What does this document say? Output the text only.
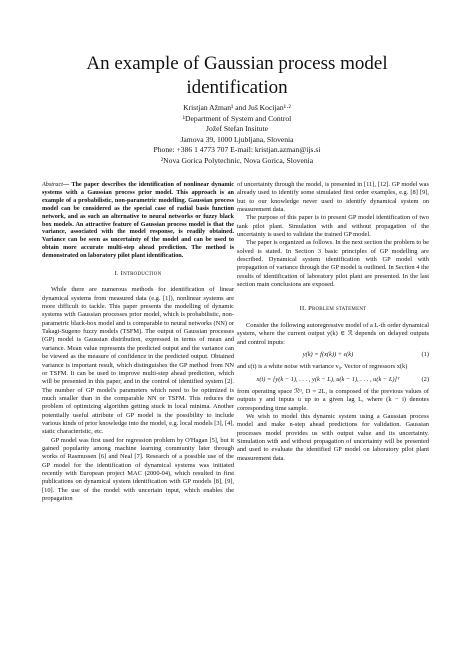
An example of Gaussian process model identification
Kristjan Ažman¹ and Juš Kocijan¹·²
¹Department of System and Control
Jožef Stefan Insitute
Jamova 39, 1000 Ljubljana, Slovenia
Phone: +386 1 4773 707 E-mail: kristjan.azman@ijs.si
²Nova Gorica Polytechnic, Nova Gorica, Slovenia
Abstract— The paper describes the identification of nonlinear dynamic systems with a Gaussian process prior model. This approach is an example of a probabilistic, non-parametric modelling. Gaussian process model can be considered as the special case of radial basis function network, and as such an alternative to neural networks or fuzzy black box models. An attractive feature of Gaussian process model is that the variance, associated with the model response, is readily obtained. Variance can be seen as uncertainty of the model and can be used to obtain more accurate multi-step ahead prediction. The method is demonstrated on laboratory pilot plant identification.
I. Introduction

While there are numerous methods for identification of linear dynamical systems from measured data (e.g. [1]), nonlinear systems are more difficult to tackle. This paper presents the modelling of dynamic systems with Gaussian processes prior model, which is probabilistic, non-parametric black-box model and is comparable to neural networks (NN) or Takagi-Sugeno fuzzy models (TSFM). The output of Gaussian processes (GP) model is Gaussian distribution, expressed in terms of mean and variance. Mean value represents the predicted output and the variance can be viewed as the measure of confidence in the predicted output. Obtained variance is important result, which distinguishes the GP method from NN or TSFM. It can be used to improve multi-step ahead prediction, which will be presented in this paper, and in the control of identified system [2]. The number of GP model's parameters which need to be optimized is much smaller than in the comparable NN or TSFM. This reduces the problem of optimizing algorithm getting stuck in local minima. Another potentially useful attribute of GP model is the possibility to include various kinds of prior knowledge into the model, e.g. local models [3], [4], static characteristic, etc.

GP model was first used for regression problem by O'Hagan [5], but it gained popularity among machine learning community later through works of Rasmussen [6] and Neal [7]. Research of a possible use of the GP model for the identification of dynamical systems was initiated recently with European project MAC (2000-04), which resulted in first publications on dynamical system identification with GP models [8], [9], [10]. The use of the model with uncertain input, which enables the propagation

of uncertainty through the model, is presented in [11], [12]. GP model was already used to identify some simulated first order examples, e.g. [8] [9], but to our knowledge never used to identify dynamical system on measurement data.

The purpose of this paper is to present GP model identification of two tank pilot plant. Simulation with and without propagation of the uncertainty is used to validate the trained GP model.

The paper is organized as follows. In the next section the problem to be solved is stated. In Section 3 basic principles of GP modelling are described. Dynamical system identification with GP model with propagation of variance through the GP model is outlined. In Section 4 the results of identification of laboratory pilot plant are presented. In the last section main conclusions are exposed.

II. Problem statement

Consider the following autoregressive model of a L-th order dynamical system, where the current output y(k) ∈ ℛ depends on delayed outputs and control inputs:

y(k) = f(x(k)) + ε(k)	(1)

and ε(t) is a white noise with variance v₀. Vector of regressors x(k)

x(t) = [y(k − 1), . . . , y(k − L), u(k − 1), . . . , u(k − L)]ᵀ	(2)

from operating space ℛᴰ, D = 2L, is composed of the previous values of outputs y and inputs u up to a given lag L, where (k − i) denotes corresponding time sample.

We wish to model this dynamic system using a Gaussian process model and make n-step ahead predictions for validation. Gaussian processes model provides us with output value and its uncertainty. Simulation with and without propagation of uncertainty will be presented and used to evaluate the identified GP model on laboratory pilot plant measurement data.
